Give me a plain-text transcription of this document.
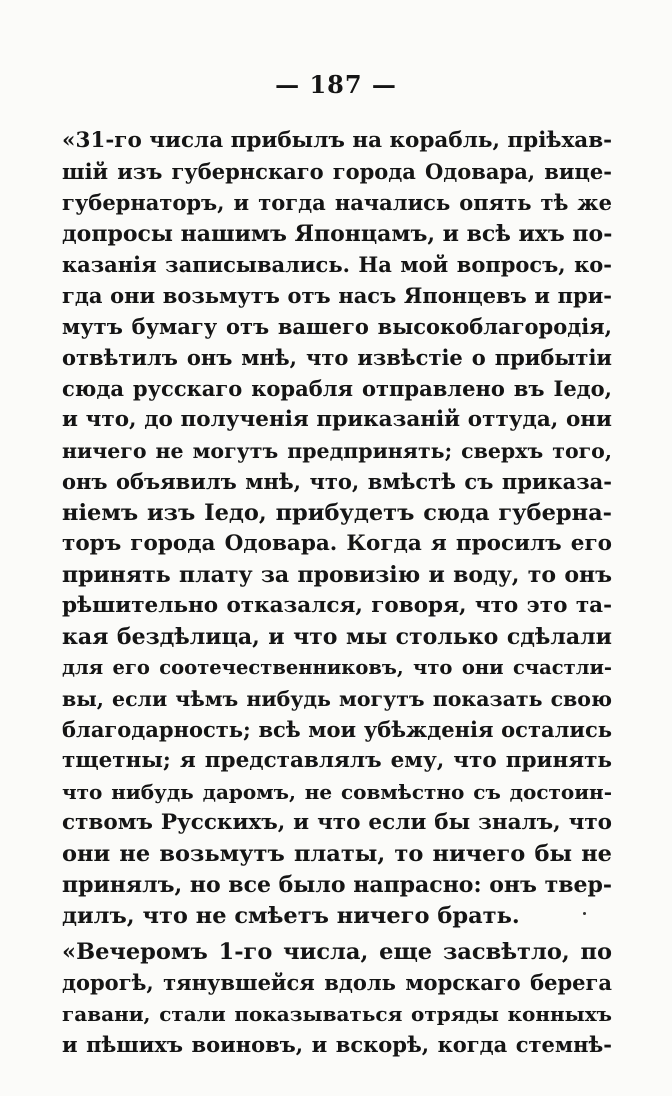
— 187 —
«31-го числа прибылъ на корабль, пріѣхав-
шій изъ губернскаго города Одовара, вице-
губернаторъ, и тогда начались опять тѣ же
допросы нашимъ Японцамъ, и всѣ ихъ по-
казанія записывались. На мой вопросъ, ко-
гда они возьмутъ отъ насъ Японцевъ и при-
мутъ бумагу отъ вашего высокоблагородія,
отвѣтилъ онъ мнѣ, что извѣстіе о прибытіи
сюда русскаго корабля отправлено въ Іедо,
и что, до полученія приказаній оттуда, они
ничего не могутъ предпринять; сверхъ того,
онъ объявилъ мнѣ, что, вмѣстѣ съ приказа-
ніемъ изъ Іедо, прибудетъ сюда губерна-
торъ города Одовара. Когда я просилъ его
принять плату за провизію и воду, то онъ
рѣшительно отказался, говоря, что это та-
кая бездѣлица, и что мы столько сдѣлали
для его соотечественниковъ, что они счастли-
вы, если чѣмъ нибудь могутъ показать свою
благодарность; всѣ мои убѣжденія остались
тщетны; я представлялъ ему, что принять
что нибудь даромъ, не совмѣстно съ достоин-
ствомъ Русскихъ, и что если бы зналъ, что
они не возьмутъ платы, то ничего бы не
принялъ, но все было напрасно: онъ твер-
дилъ, что не смѣетъ ничего брать.
«Вечеромъ 1-го числа, еще засвѣтло, по
дорогѣ, тянувшейся вдоль морскаго берега
гавани, стали показываться отряды конныхъ
и пѣшихъ воиновъ, и вскорѣ, когда стемнѣ-
